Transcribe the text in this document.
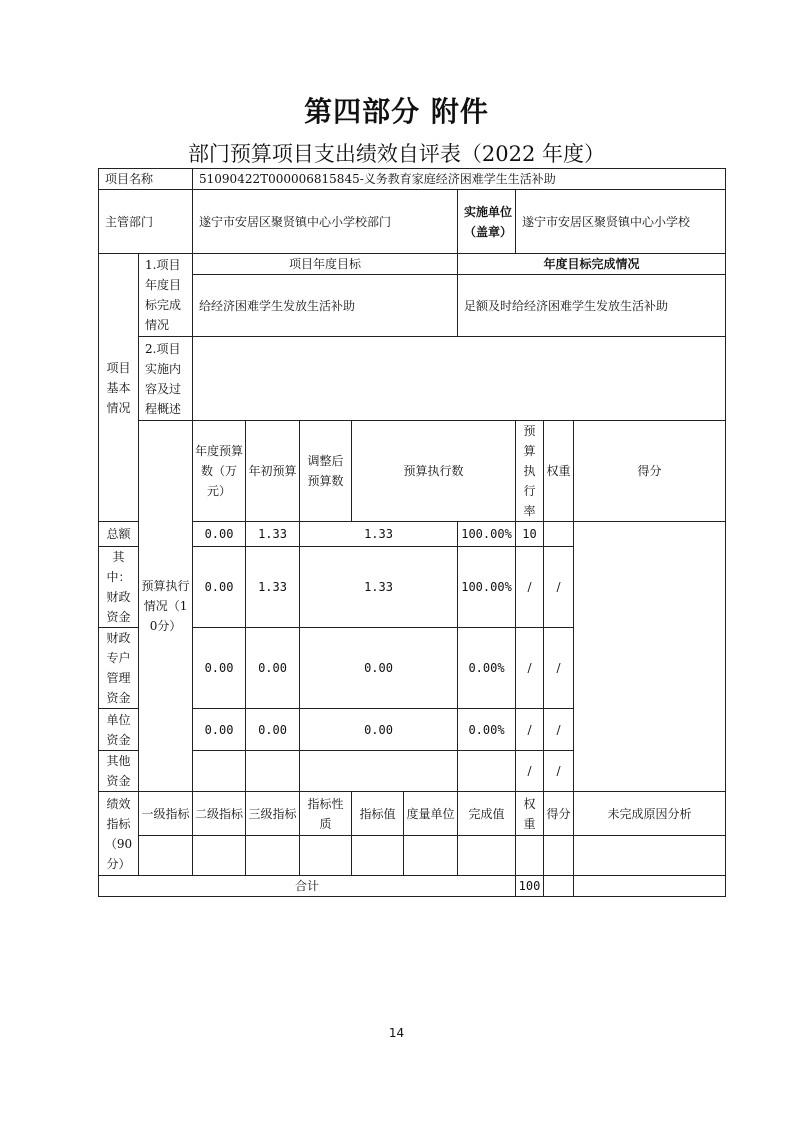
第四部分 附件
部门预算项目支出绩效自评表（2022 年度）
项目名称		51090422T000006815845-义务教育家庭经济困难学生生活补助									
主管部门		遂宁市安居区聚贤镇中心小学校部门					实施单位（盖章）	遂宁市安居区聚贤镇中心小学校			
项目基本情况	1.项目年度目标完成情况	项目年度目标					年度目标完成情况				
		给经济困难学生发放生活补助					足额及时给经济困难学生发放生活补助				
	2.项目实施内容及过程概述										
	预算执行情况（10分）	年度预算数（万元）	年初预算	调整后预算数	预算执行数			预算执行率	权重	得分	
总额		0.00	1.33	1.33			100.00%	10			
其中：财政资金		0.00	1.33	1.33			100.00%	/	/		
财政专户管理资金		0.00	0.00	0.00			0.00%	/	/		
单位资金		0.00	0.00	0.00			0.00%	/	/		
其他资金								/	/		
绩效指标（90分）	一级指标	二级指标	三级指标	指标性质	指标值	度量单位	完成值	权重	得分	未完成原因分析	

合计								100			
14
